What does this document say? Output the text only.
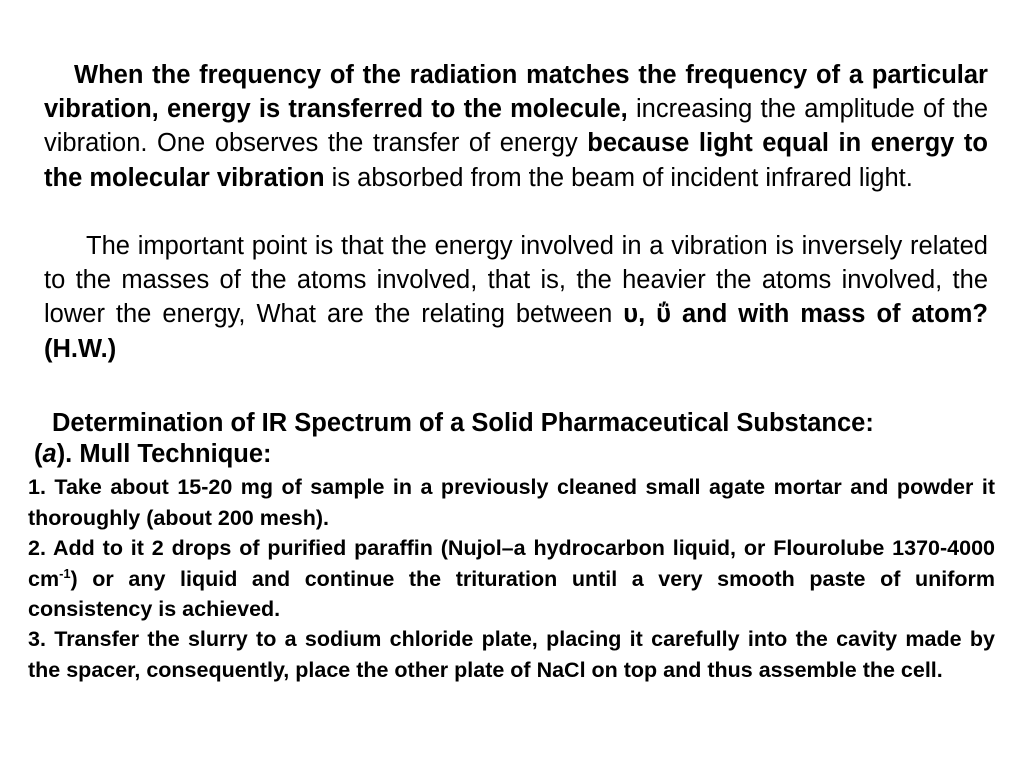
When the frequency of the radiation matches the frequency of a particular vibration, energy is transferred to the molecule, increasing the amplitude of the vibration. One observes the transfer of energy because light equal in energy to the molecular vibration is absorbed from the beam of incident infrared light.
The important point is that the energy involved in a vibration is inversely related to the masses of the atoms involved, that is, the heavier the atoms involved, the lower the energy, What are the relating between υ, ΰ and with mass of atom? (H.W.)
Determination of IR Spectrum of a Solid Pharmaceutical Substance:
(a). Mull Technique:
1. Take about 15-20 mg of sample in a previously cleaned small agate mortar and powder it thoroughly (about 200 mesh).
2. Add to it 2 drops of purified paraffin (Nujol–a hydrocarbon liquid, or Flourolube 1370-4000 $cm^{-1}$) or any liquid and continue the trituration until a very smooth paste of uniform consistency is achieved.
3. Transfer the slurry to a sodium chloride plate, placing it carefully into the cavity made by the spacer, consequently, place the other plate of NaCl on top and thus assemble the cell.
